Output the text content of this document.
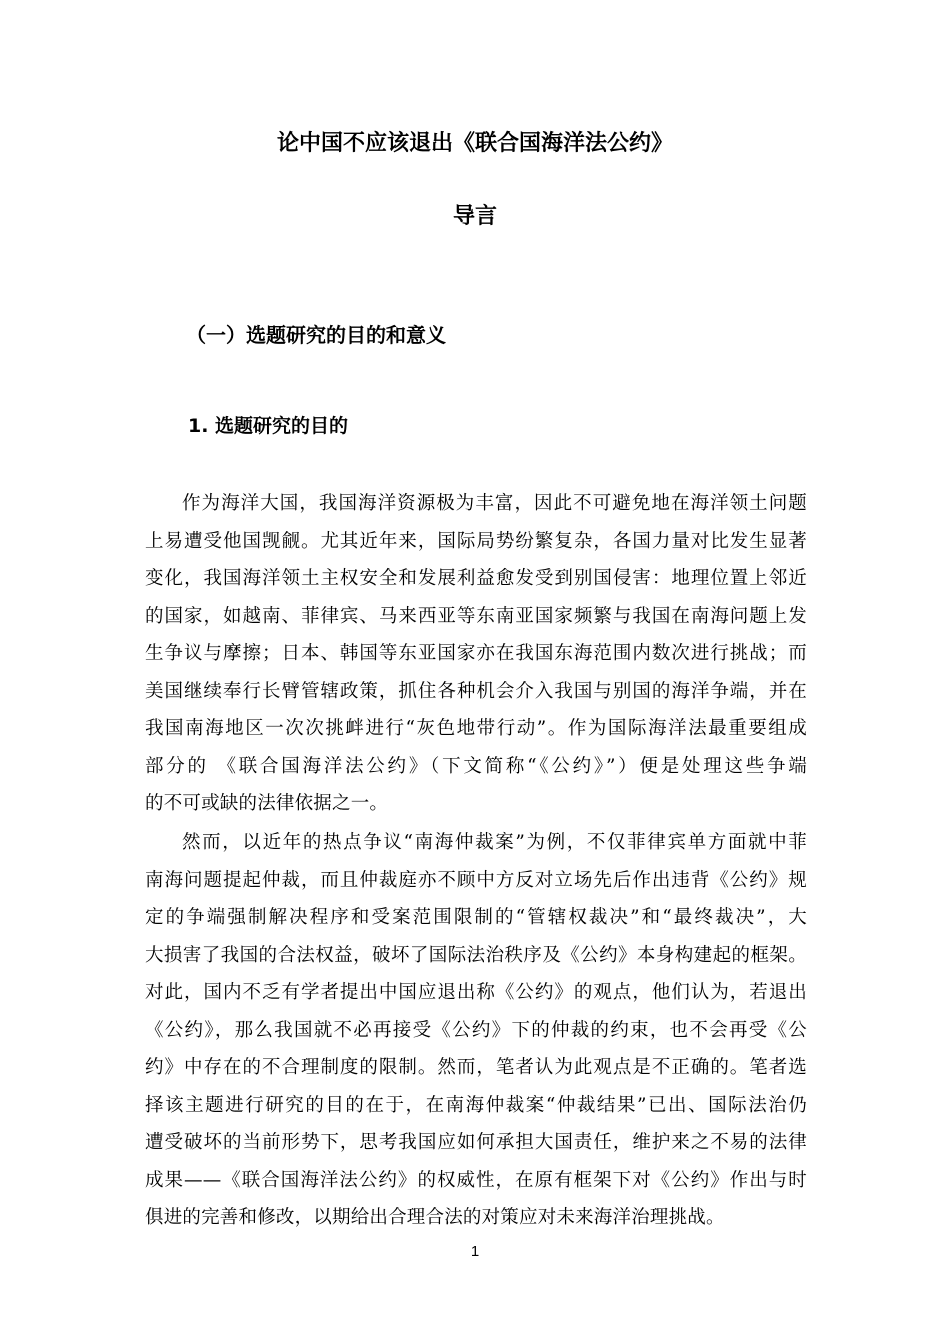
论中国不应该退出《联合国海洋法公约》
导言
（一）选题研究的目的和意义
1. 选题研究的目的
作为海洋大国，我国海洋资源极为丰富，因此不可避免地在海洋领土问题
上易遭受他国觊觎。尤其近年来，国际局势纷繁复杂，各国力量对比发生显著
变化，我国海洋领土主权安全和发展利益愈发受到别国侵害：地理位置上邻近
的国家，如越南、菲律宾、马来西亚等东南亚国家频繁与我国在南海问题上发
生争议与摩擦；日本、韩国等东亚国家亦在我国东海范围内数次进行挑战；而
美国继续奉行长臂管辖政策，抓住各种机会介入我国与别国的海洋争端，并在
我国南海地区一次次挑衅进行“灰色地带行动”。作为国际海洋法最重要组成
部分的 《联合国海洋法公约》（下文简称“《公约》”）便是处理这些争端
的不可或缺的法律依据之一。
然而，以近年的热点争议“南海仲裁案”为例，不仅菲律宾单方面就中菲
南海问题提起仲裁，而且仲裁庭亦不顾中方反对立场先后作出违背《公约》规
定的争端强制解决程序和受案范围限制的“管辖权裁决”和“最终裁决”，大
大损害了我国的合法权益，破坏了国际法治秩序及《公约》本身构建起的框架。
对此，国内不乏有学者提出中国应退出称《公约》的观点，他们认为，若退出
《公约》，那么我国就不必再接受《公约》下的仲裁的约束，也不会再受《公
约》中存在的不合理制度的限制。然而，笔者认为此观点是不正确的。笔者选
择该主题进行研究的目的在于，在南海仲裁案“仲裁结果”已出、国际法治仍
遭受破坏的当前形势下，思考我国应如何承担大国责任，维护来之不易的法律
成果——《联合国海洋法公约》的权威性，在原有框架下对《公约》作出与时
俱进的完善和修改，以期给出合理合法的对策应对未来海洋治理挑战。
1
